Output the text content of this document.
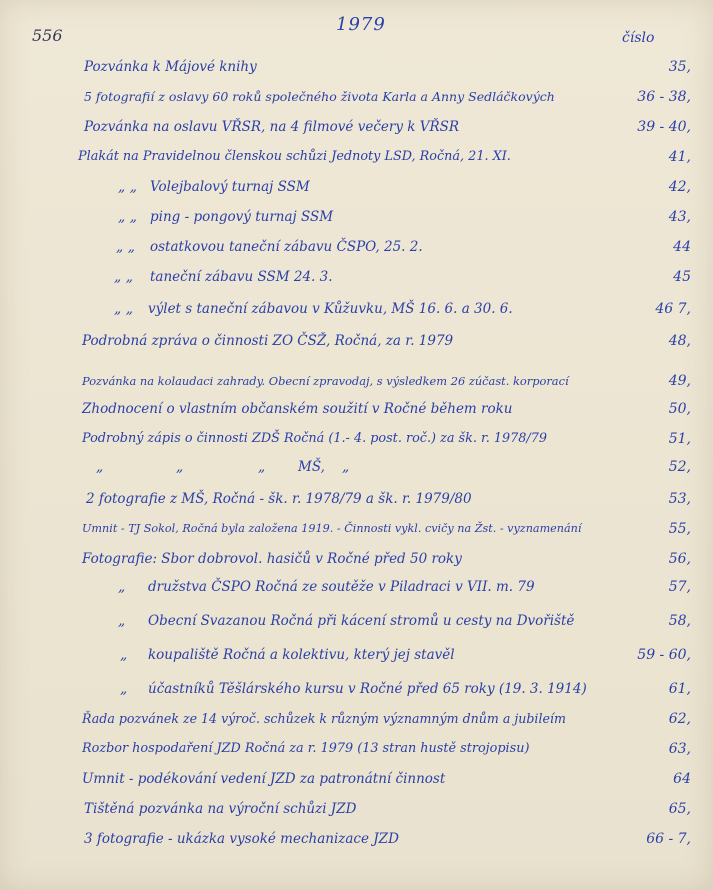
556
1979
číslo
Pozvánka k Májové knihy	35,
5 fotografií z oslavy 60 roků společného života Karla a Anny Sedláčkových	36 - 38,
Pozvánka na oslavu VŘSR, na 4 filmové večery k VŘSR	39 - 40,
Plakát na Pravidelnou členskou schůzi Jednoty LSD, Ročná, 21. XI.	41,
„ „ Volejbalový turnaj SSM	42,
„ „ ping - pongový turnaj SSM	43,
„ „ ostatkovou taneční zábavu ČSPO, 25. 2.	44
„ „ taneční zábavu SSM 24. 3.	45
„ „ výlet s taneční zábavou v Kůžuvku, MŠ 16. 6. a 30. 6.	46 7,
Podrobná zpráva o činnosti ZO ČSŽ, Ročná, za r. 1979	48,
Pozvánka na kolaudaci zahrady. Obecní zpravodaj, s výsledkem 26 zúčast. korporací	49,
Zhodnocení o vlastním občanském soužití v Ročné během roku	50,
Podrobný zápis o činnosti ZDŠ Ročná (1.- 4. post. roč.) za šk. r. 1978/79	51,
„	„	„ MŠ, „	52,
2 fotografie z MŠ, Ročná - šk. r. 1978/79 a šk. r. 1979/80	53,
Umnit - TJ Sokol, Ročná byla založena 1919. - Činnosti vykl. cvičy na Žst. - vyznamenání	55,
Fotografie: Sbor dobrovol. hasičů v Ročné před 50 roky	56,
„ družstva ČSPO Ročná ze soutěže v Piladraci v VII. m. 79	57,
„ Obecní Svazanou Ročná při kácení stromů u cesty na Dvořiště	58,
„ koupaliště Ročná a kolektivu, který jej stavěl	59 - 60,
„ účastníků Těšlárského kursu v Ročné před 65 roky (19. 3. 1914)	61,
Řada pozvánek ze 14 výroč. schůzek k různým významným dnům a jubileím	62,
Rozbor hospodaření JZD Ročná za r. 1979 (13 stran hustě strojopisu)	63,
Umnit - podékování vedení JZD za patronátní činnost	64
Tištěná pozvánka na výroční schůzi JZD	65,
3 fotografie - ukázka vysoké mechanizace JZD	66 - 7,
